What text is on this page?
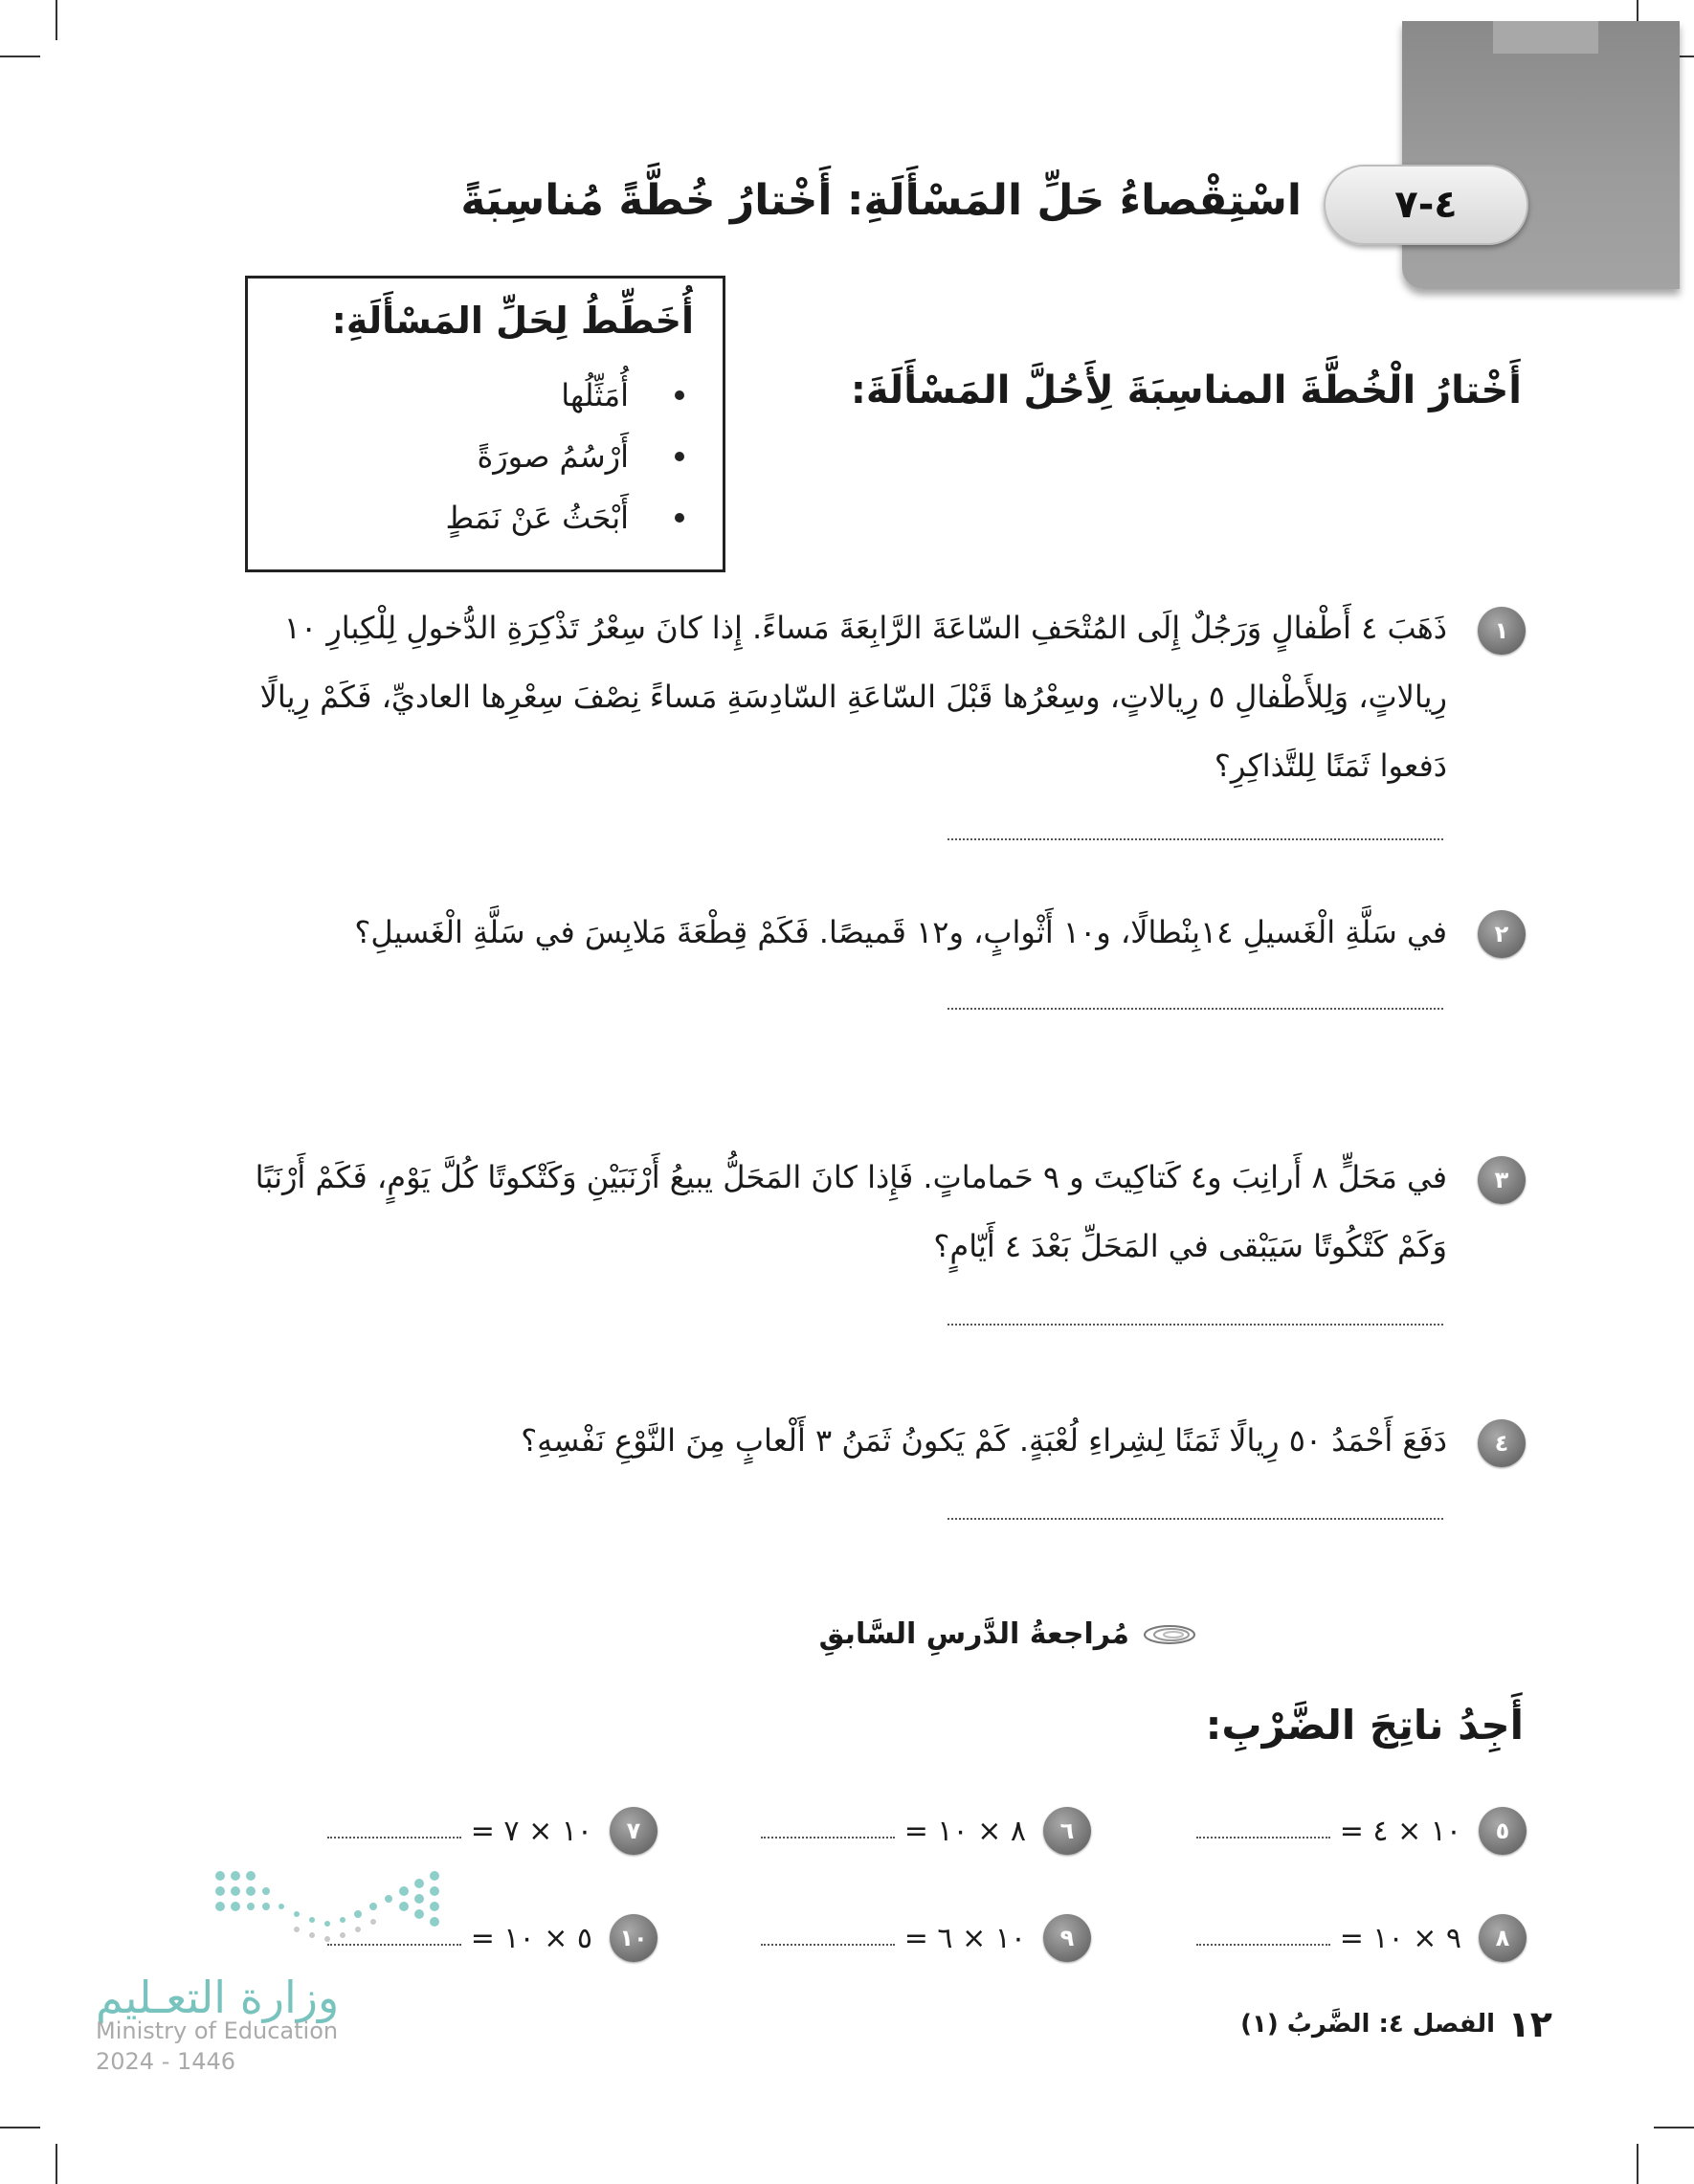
٤-٧
اسْتِقْصاءُ حَلِّ المَسْأَلَةِ: أَخْتارُ خُطَّةً مُناسِبَةً
أُخَطِّطُ لِحَلِّ المَسْأَلَةِ:
أُمَثِّلُها
أَرْسُمُ صورَةً
أَبْحَثُ عَنْ نَمَطٍ
أَخْتارُ الْخُطَّةَ المناسِبَةَ لِأَحُلَّ المَسْأَلَةَ:
١
ذَهَبَ ٤ أَطْفالٍ وَرَجُلٌ إِلَى المُتْحَفِ السّاعَةَ الرَّابِعَةَ مَساءً. إِذا كانَ سِعْرُ تَذْكِرَةِ الدُّخولِ لِلْكِبارِ ١٠ رِيالاتٍ، وَلِلأَطْفالِ ٥ رِيالاتٍ، وسِعْرُها قَبْلَ السّاعَةِ السّادِسَةِ مَساءً نِصْفَ سِعْرِها العاديِّ، فَكَمْ رِيالًا دَفعوا ثَمَنًا لِلتَّذاكِرِ؟
٢
في سَلَّةِ الْغَسيلِ ١٤بِنْطالًا، و١٠ أَثْوابٍ، و١٢ قَميصًا. فَكَمْ قِطْعَةَ مَلابِسَ في سَلَّةِ الْغَسيلِ؟
٣
في مَحَلٍّ ٨ أَرانِبَ و٤ كَتاكِيتَ و ٩ حَماماتٍ. فَإِذا كانَ المَحَلُّ يبيعُ أَرْنَبَيْنِ وَكَتْكوتًا كُلَّ يَوْمٍ، فَكَمْ أَرْنَبًا وَكَمْ كَتْكُوتًا سَيَبْقى في المَحَلِّ بَعْدَ ٤ أَيّامٍ؟
٤
دَفَعَ أَحْمَدُ ٥٠ رِيالًا ثَمَنًا لِشِراءِ لُعْبَةٍ. كَمْ يَكونُ ثَمَنُ ٣ أَلْعابٍ مِنَ النَّوْعِ نَفْسِهِ؟
مُراجعةُ الدَّرسِ السَّابقِ
أَجِدُ ناتِجَ الضَّرْبِ:
٥
١٠ × ٤ =
٦
٨ × ١٠ =
٧
١٠ × ٧ =
٨
٩ × ١٠ =
٩
١٠ × ٦ =
١٠
٥ × ١٠ =
وزارة التعـليم
Ministry of Education
2024 - 1446
١٢
الفصل ٤: الضَّربُ (١)
